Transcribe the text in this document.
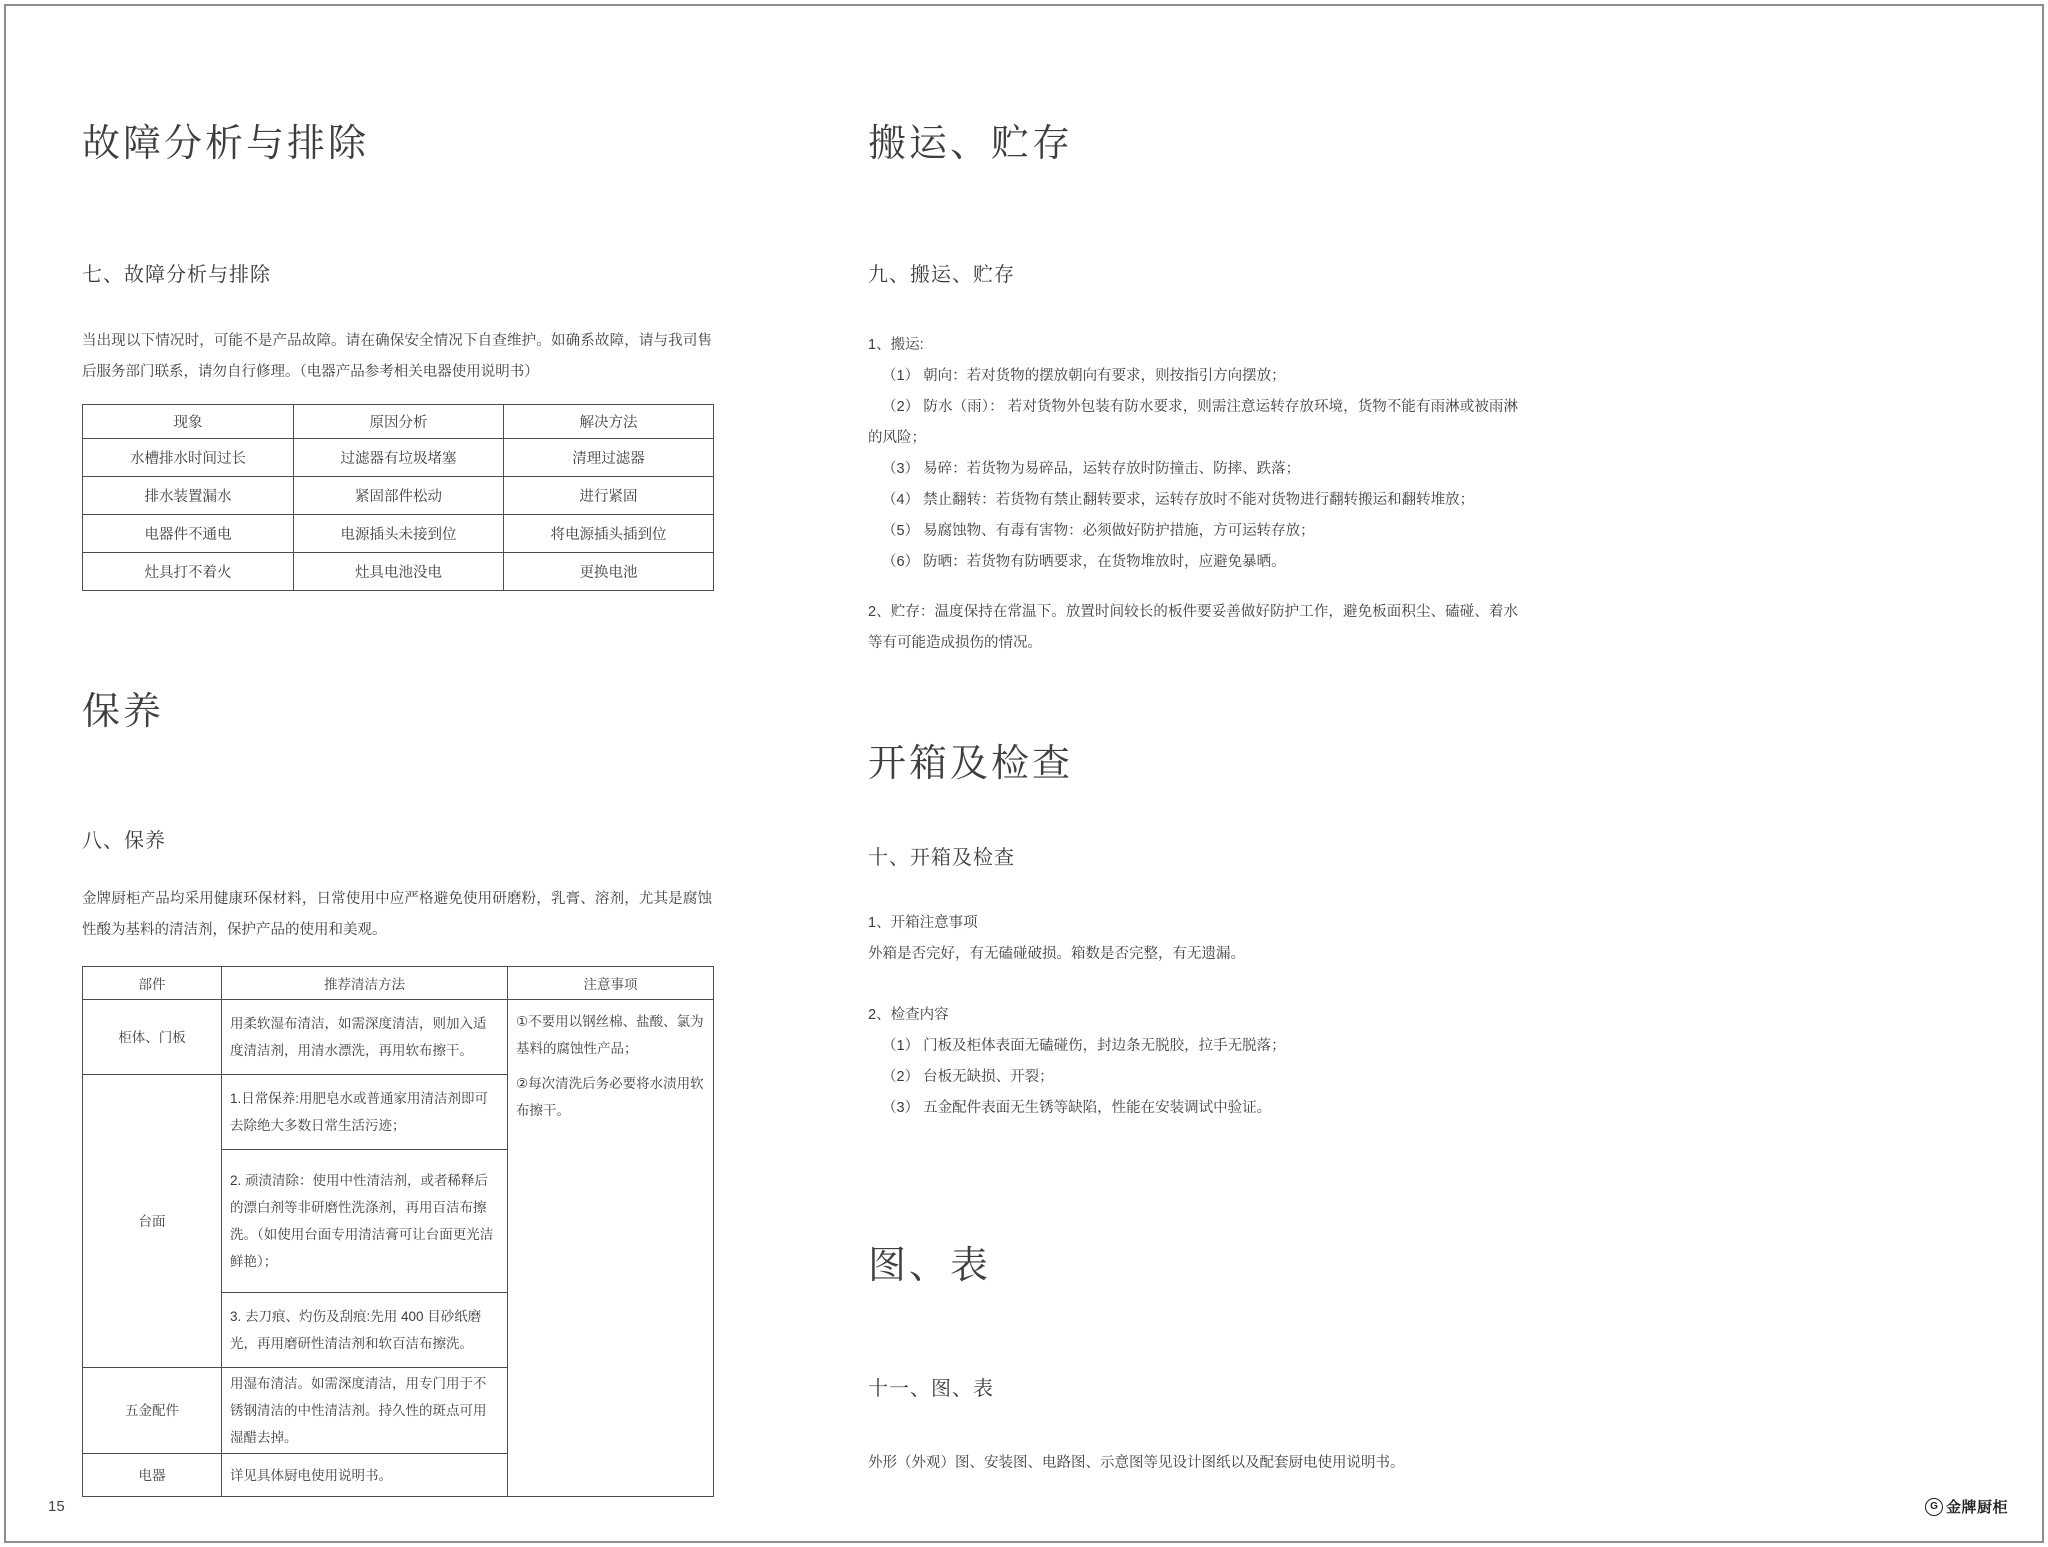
故障分析与排除
七、故障分析与排除
当出现以下情况时，可能不是产品故障。请在确保安全情况下自查维护。如确系故障，请与我司售后服务部门联系，请勿自行修理。（电器产品参考相关电器使用说明书）
现象	原因分析	解决方法
水槽排水时间过长	过滤器有垃圾堵塞	清理过滤器
排水装置漏水	紧固部件松动	进行紧固
电器件不通电	电源插头未接到位	将电源插头插到位
灶具打不着火	灶具电池没电	更换电池
保养
八、保养
金牌厨柜产品均采用健康环保材料，日常使用中应严格避免使用研磨粉，乳膏、溶剂，尤其是腐蚀性酸为基料的清洁剂，保护产品的使用和美观。
部件	推荐清洁方法	注意事项
柜体、门板	用柔软湿布清洁，如需深度清洁，则加入适度清洁剂，用清水漂洗，再用软布擦干。	①不要用以钢丝棉、盐酸、氯为基料的腐蚀性产品；

②每次清洗后务必要将水渍用软布擦干。

台面	1.日常保养:用肥皂水或普通家用清洁剂即可去除绝大多数日常生活污迹；	
	2. 顽渍清除：使用中性清洁剂，或者稀释后的漂白剂等非研磨性洗涤剂，再用百洁布擦洗。（如使用台面专用清洁膏可让台面更光洁鲜艳）；	
	3. 去刀痕、灼伤及刮痕:先用 400 目砂纸磨光，再用磨研性清洁剂和软百洁布擦洗。	
五金配件	用湿布清洁。如需深度清洁，用专门用于不锈钢清洁的中性清洁剂。持久性的斑点可用湿醋去掉。	
电器	详见具体厨电使用说明书。	
搬运、贮存
九、搬运、贮存
1、搬运:
（1） 朝向：若对货物的摆放朝向有要求，则按指引方向摆放；
（2） 防水（雨）： 若对货物外包装有防水要求，则需注意运转存放环境，货物不能有雨淋或被雨淋的风险；
（3） 易碎：若货物为易碎品，运转存放时防撞击、防摔、跌落；
（4） 禁止翻转：若货物有禁止翻转要求，运转存放时不能对货物进行翻转搬运和翻转堆放；
（5） 易腐蚀物、有毒有害物：必须做好防护措施，方可运转存放；
（6） 防晒：若货物有防晒要求，在货物堆放时，应避免暴晒。
2、贮存：温度保持在常温下。放置时间较长的板件要妥善做好防护工作，避免板面积尘、磕碰、着水等有可能造成损伤的情况。
开箱及检查
十、开箱及检查
1、开箱注意事项
外箱是否完好，有无磕碰破损。箱数是否完整，有无遗漏。
2、检查内容
（1） 门板及柜体表面无磕碰伤，封边条无脱胶，拉手无脱落；
（2） 台板无缺损、开裂；
（3） 五金配件表面无生锈等缺陷，性能在安装调试中验证。
图、表
十一、图、表
外形（外观）图、安装图、电路图、示意图等见设计图纸以及配套厨电使用说明书。
15	G 金牌厨柜
